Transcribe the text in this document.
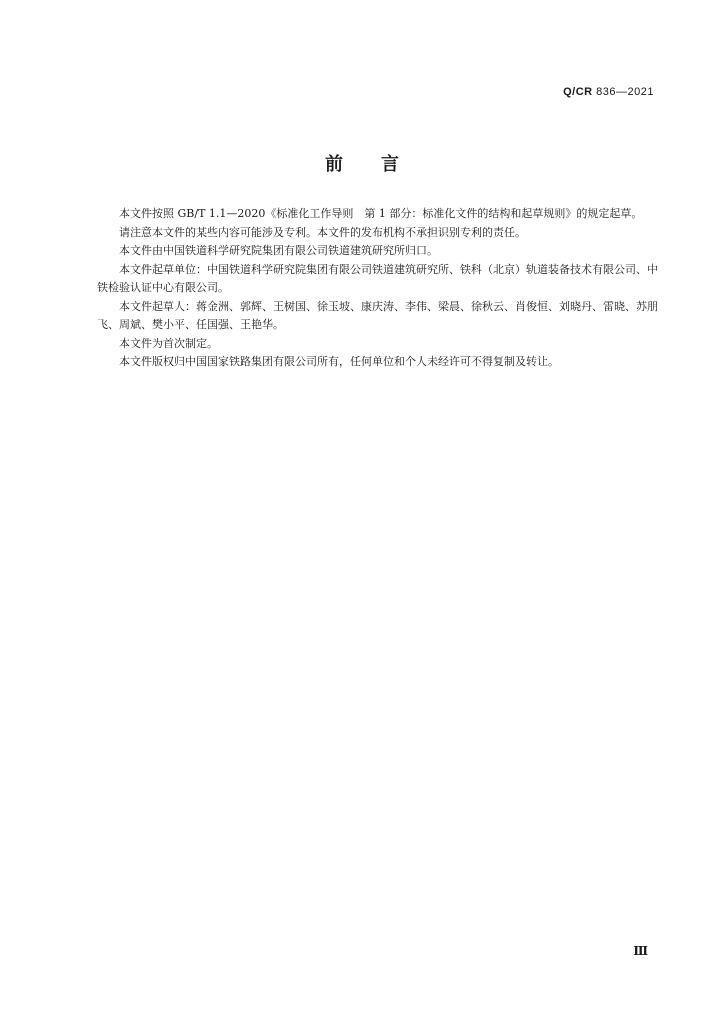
Q/CR 836—2021
前言

本文件按照 GB/T 1.1—2020《标准化工作导则　第 1 部分：标准化文件的结构和起草规则》的规定起草。

请注意本文件的某些内容可能涉及专利。本文件的发布机构不承担识别专利的责任。

本文件由中国铁道科学研究院集团有限公司铁道建筑研究所归口。

本文件起草单位：中国铁道科学研究院集团有限公司铁道建筑研究所、铁科（北京）轨道装备技术有限公司、中铁检验认证中心有限公司。

本文件起草人：蒋金洲、郭辉、王树国、徐玉坡、康庆涛、李伟、梁晨、徐秋云、肖俊恒、刘晓丹、雷晓、苏朋飞、周斌、樊小平、任国强、王艳华。

本文件为首次制定。

本文件版权归中国国家铁路集团有限公司所有，任何单位和个人未经许可不得复制及转让。

Ⅲ
